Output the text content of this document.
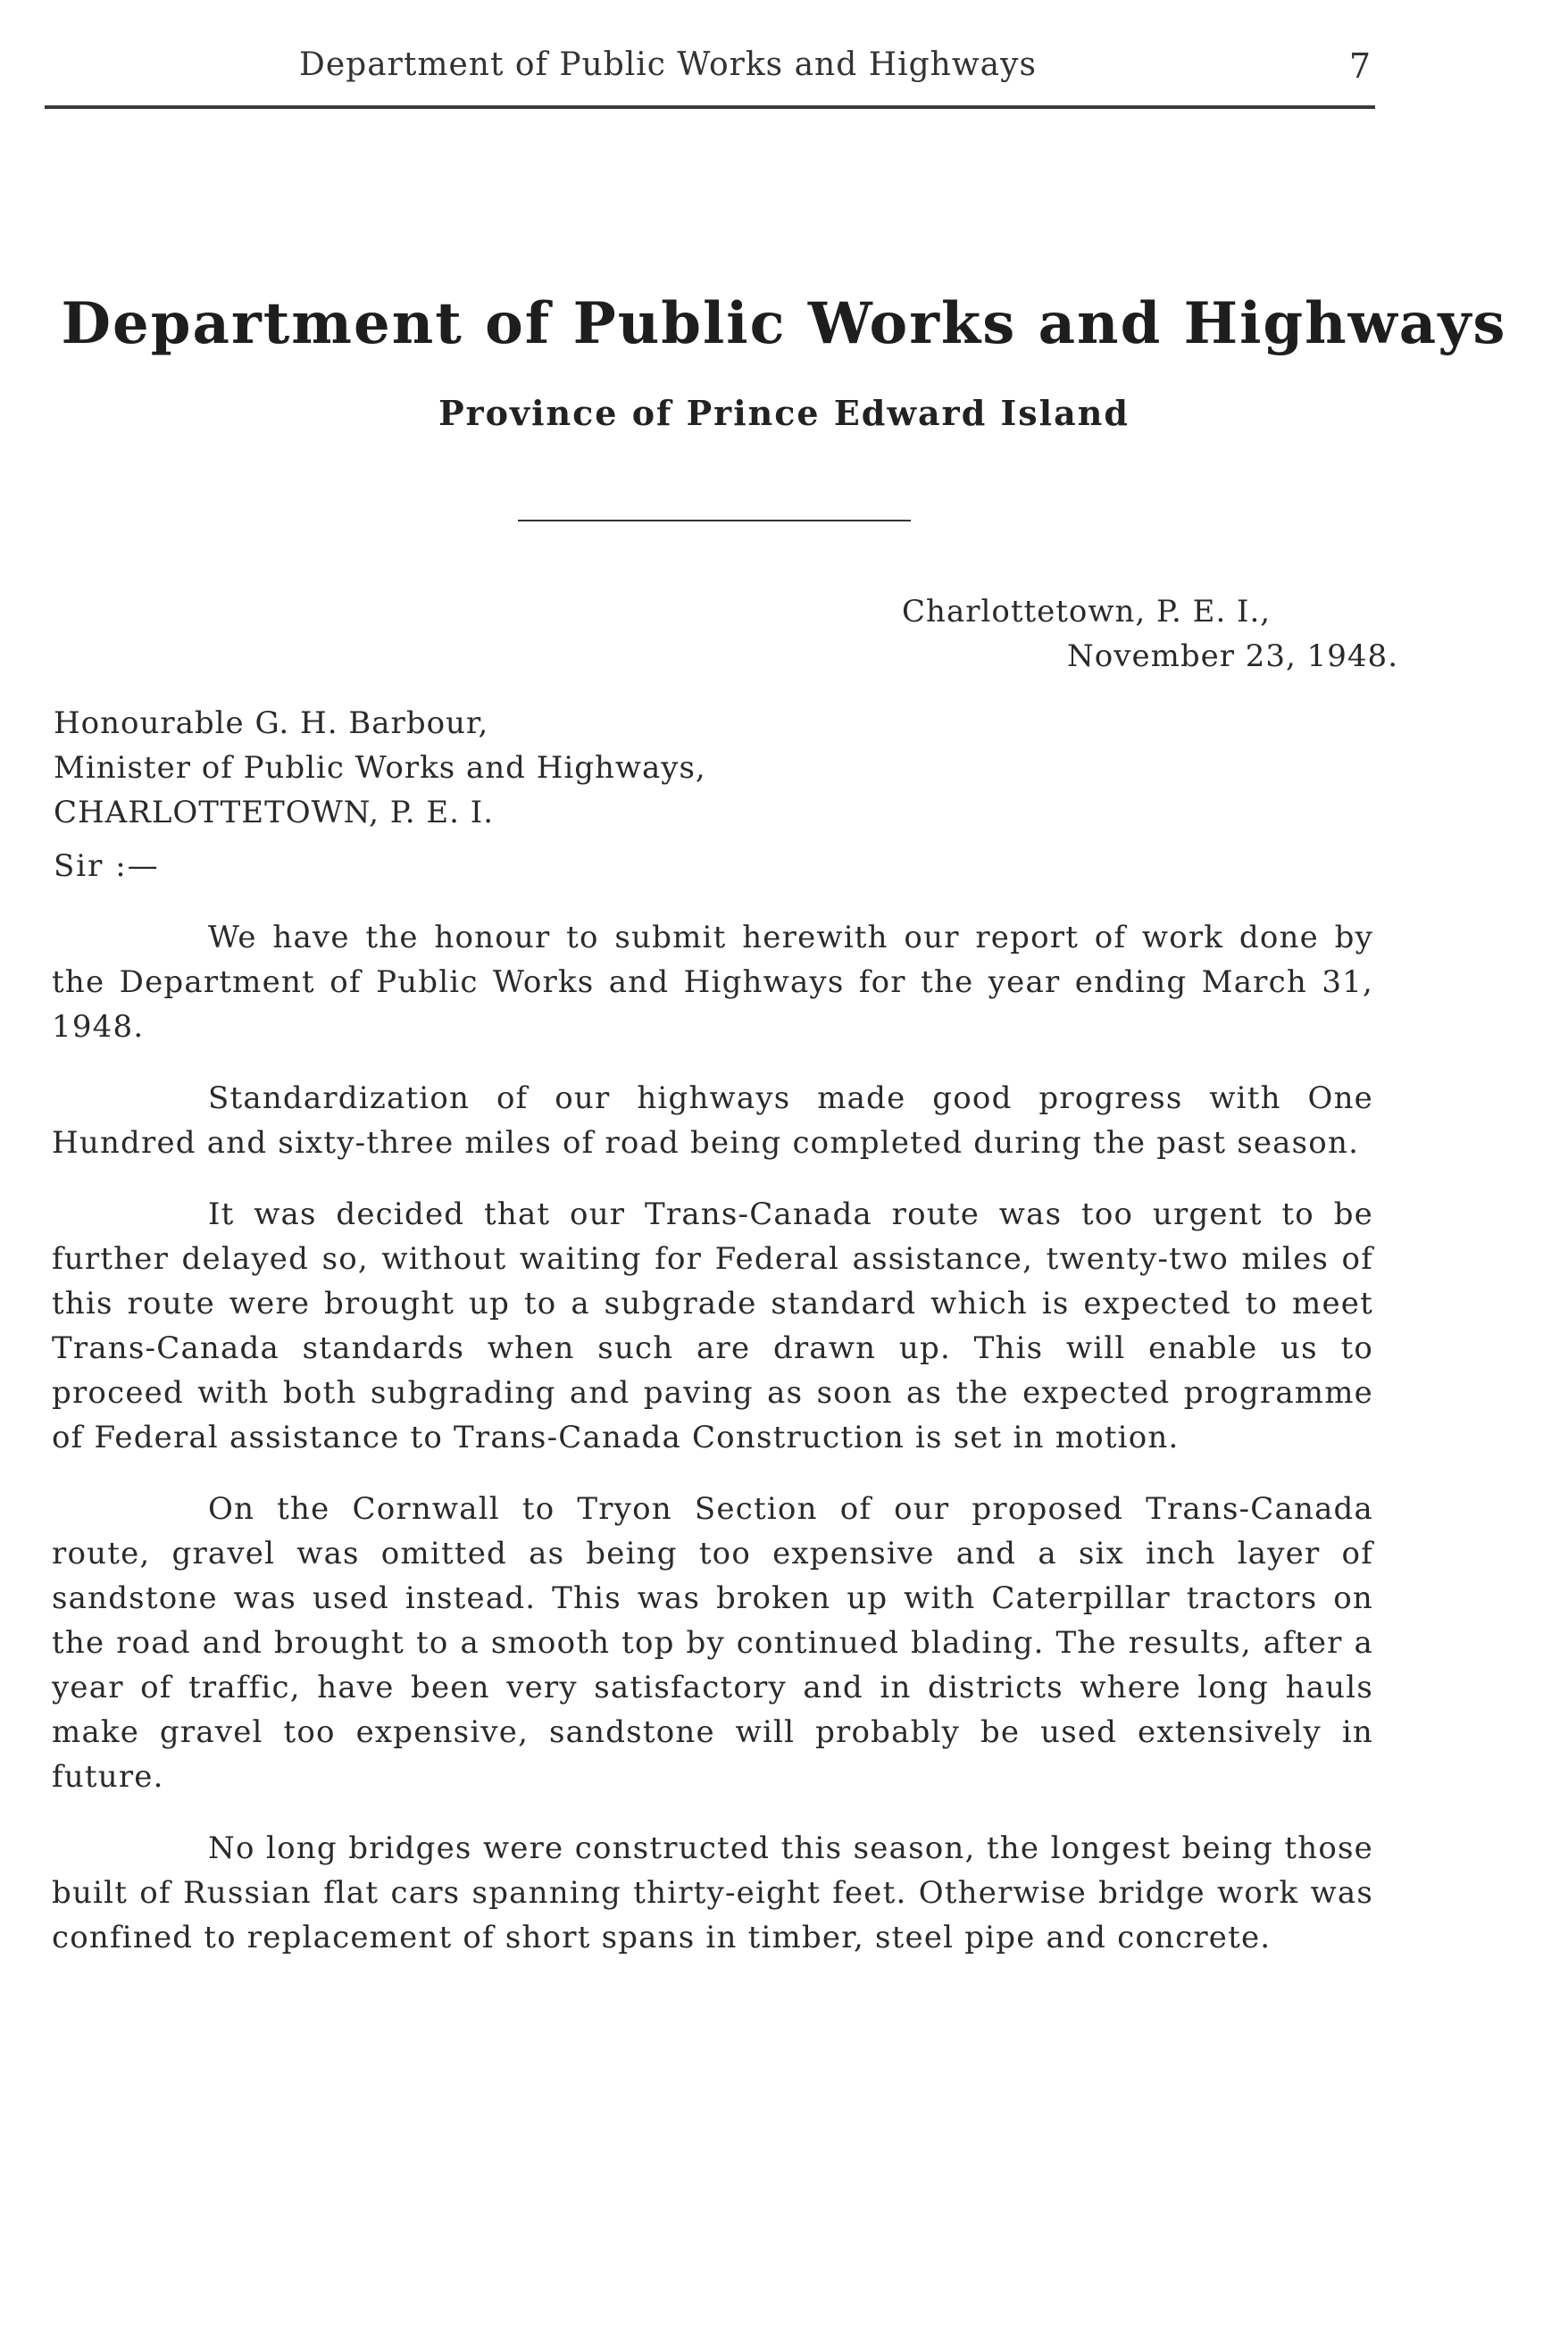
Department of Public Works and Highways	7
Department of Public Works and Highways
Province of Prince Edward Island
Charlottetown, P. E. I.,
November 23, 1948.
Honourable G. H. Barbour,
Minister of Public Works and Highways,
CHARLOTTETOWN, P. E. I.
Sir :—

We have the honour to submit herewith our report of work done by the Department of Public Works and Highways for the year ending March 31, 1948.

Standardization of our highways made good progress with One Hundred and sixty-three miles of road being completed during the past season.

It was decided that our Trans-Canada route was too urgent to be further delayed so, without waiting for Federal assistance, twenty-two miles of this route were brought up to a subgrade standard which is expected to meet Trans-Canada standards when such are drawn up. This will enable us to proceed with both subgrading and paving as soon as the expected programme of Federal assistance to Trans-Canada Construction is set in motion.

On the Cornwall to Tryon Section of our proposed Trans-Canada route, gravel was omitted as being too expensive and a six inch layer of sandstone was used instead. This was broken up with Caterpillar tractors on the road and brought to a smooth top by continued blading. The results, after a year of traffic, have been very satisfactory and in districts where long hauls make gravel too expensive, sandstone will probably be used extensively in future.

No long bridges were constructed this season, the longest being those built of Russian flat cars spanning thirty-eight feet. Otherwise bridge work was confined to replacement of short spans in timber, steel pipe and concrete.
